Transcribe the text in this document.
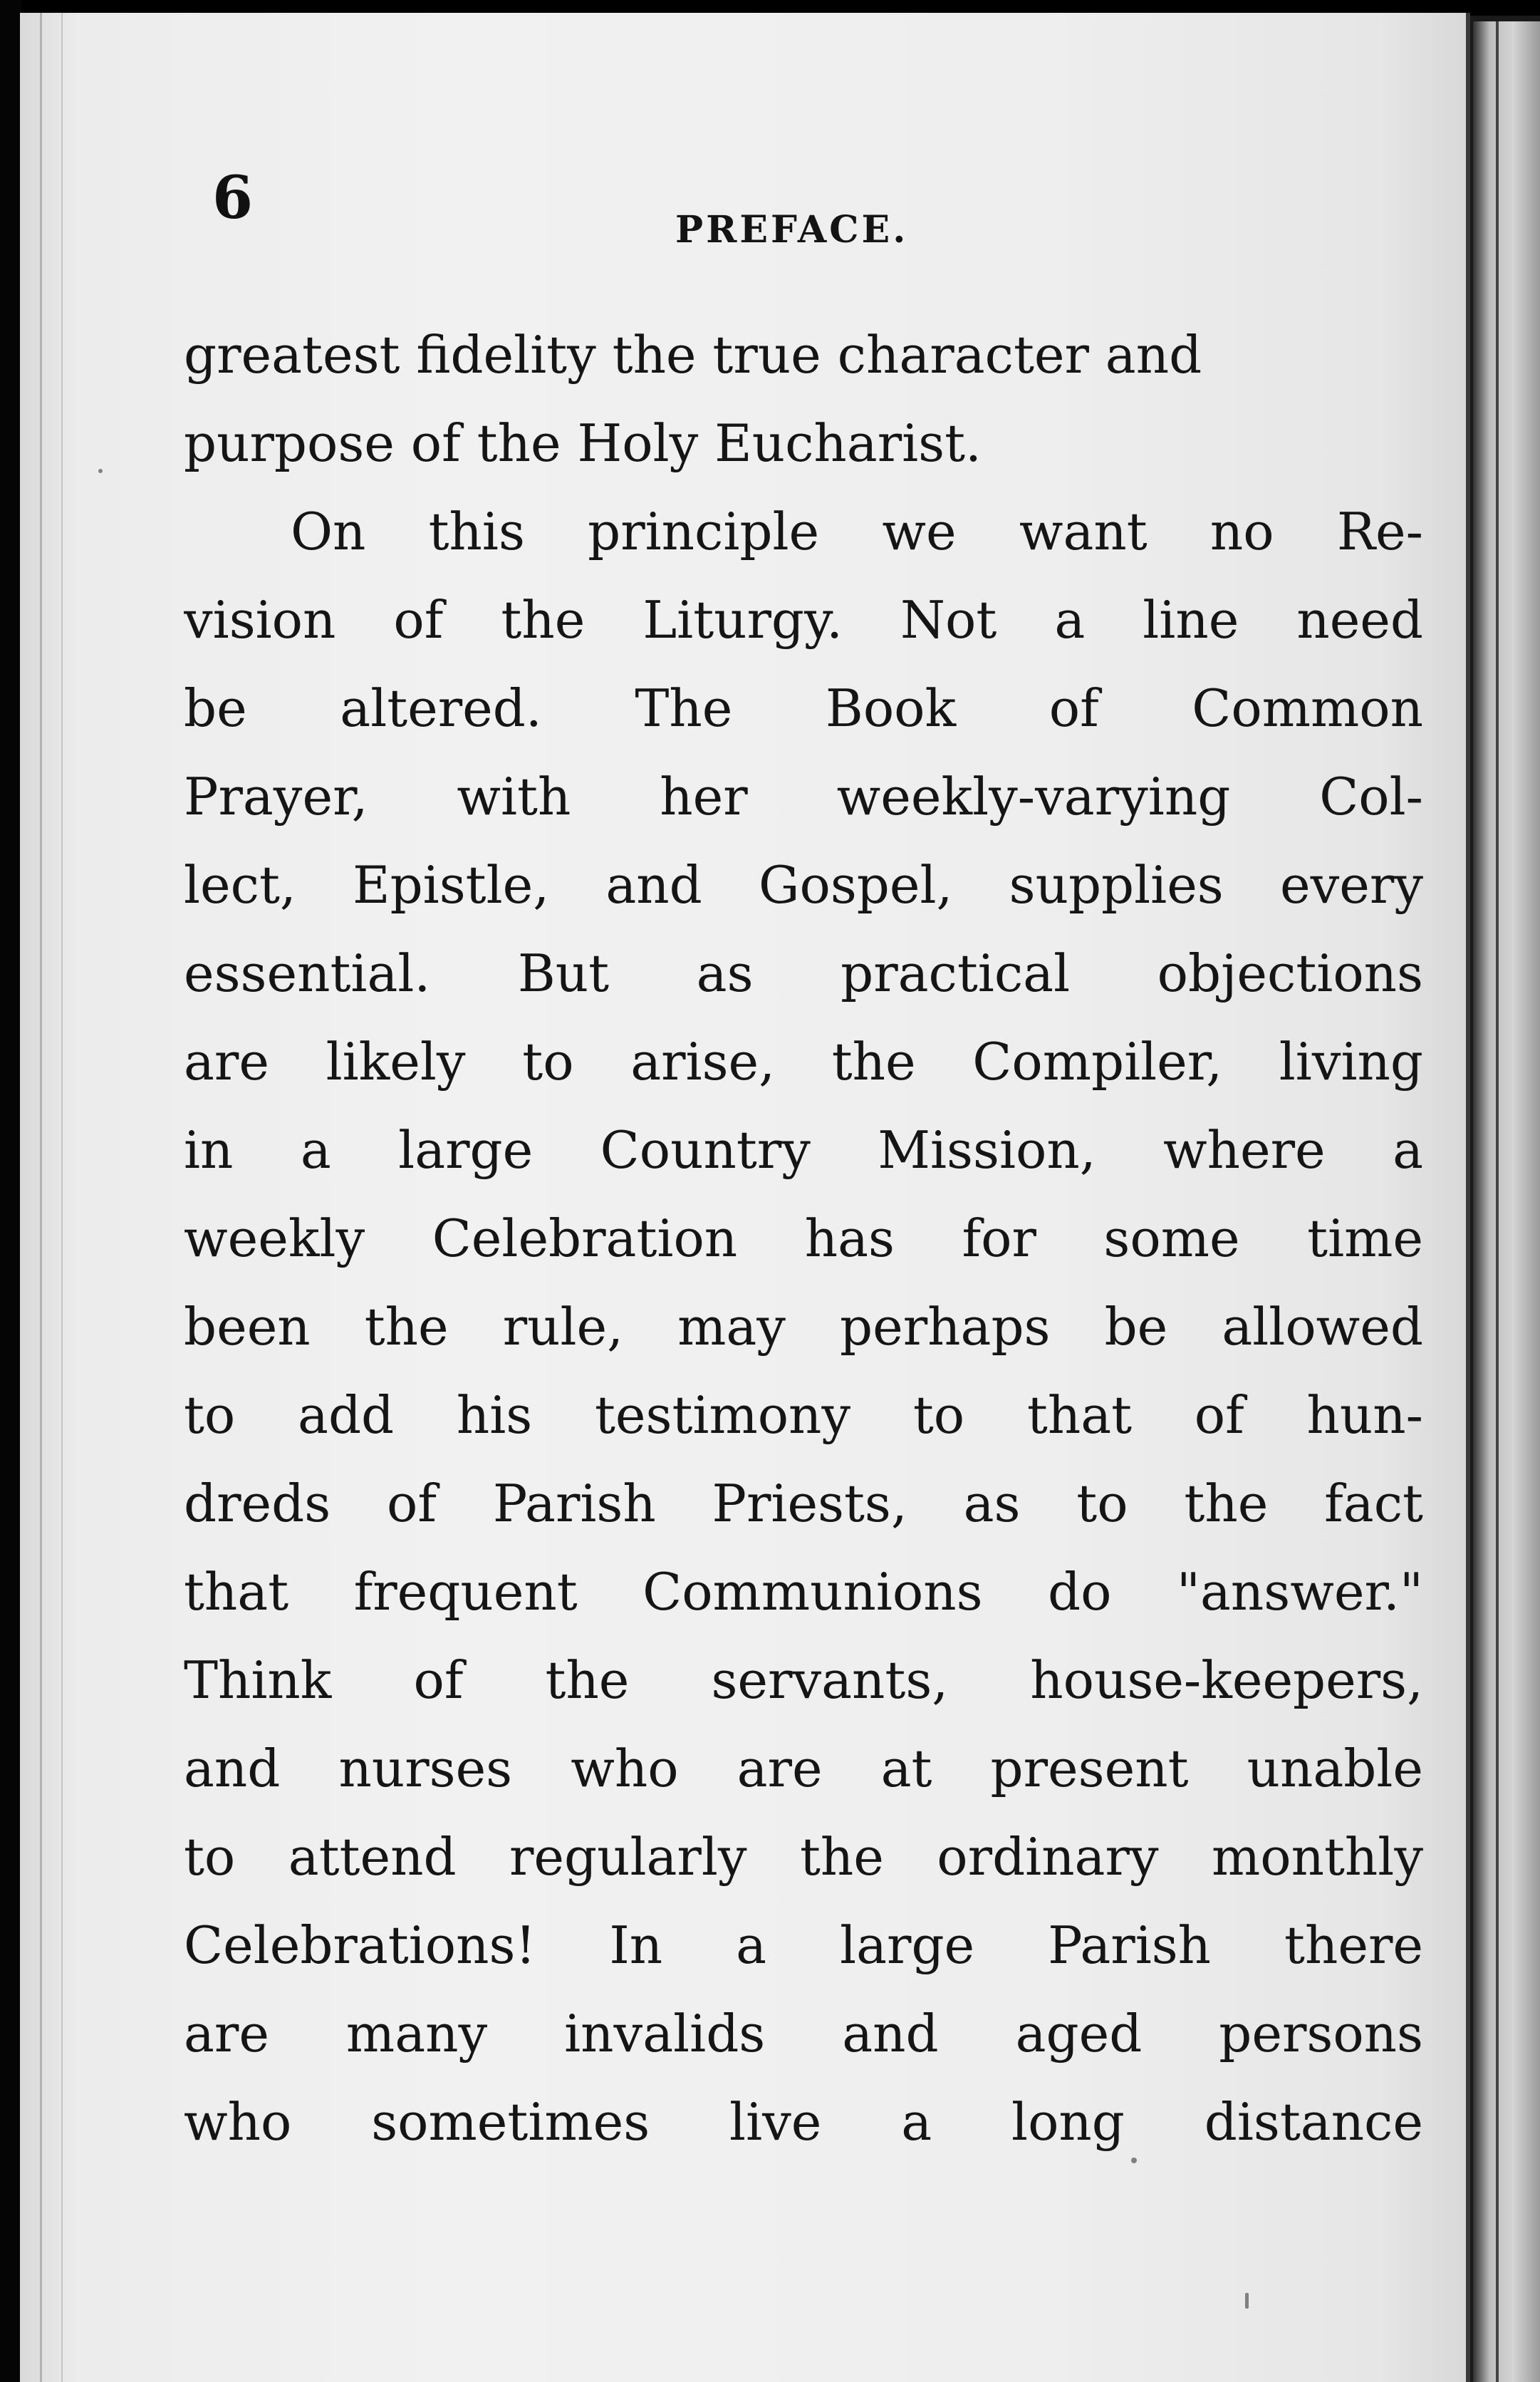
6	PREFACE.
greatest fidelity the true character and
purpose of the Holy Eucharist.
On this principle we want no Re-
vision of the Liturgy. Not a line need
be altered. The Book of Common
Prayer, with her weekly-varying Col-
lect, Epistle, and Gospel, supplies every
essential. But as practical objections
are likely to arise, the Compiler, living
in a large Country Mission, where a
weekly Celebration has for some time
been the rule, may perhaps be allowed
to add his testimony to that of hun-
dreds of Parish Priests, as to the fact
that frequent Communions do "answer."
Think of the servants, house-keepers,
and nurses who are at present unable
to attend regularly the ordinary monthly
Celebrations! In a large Parish there
are many invalids and aged persons
who sometimes live a long distance
